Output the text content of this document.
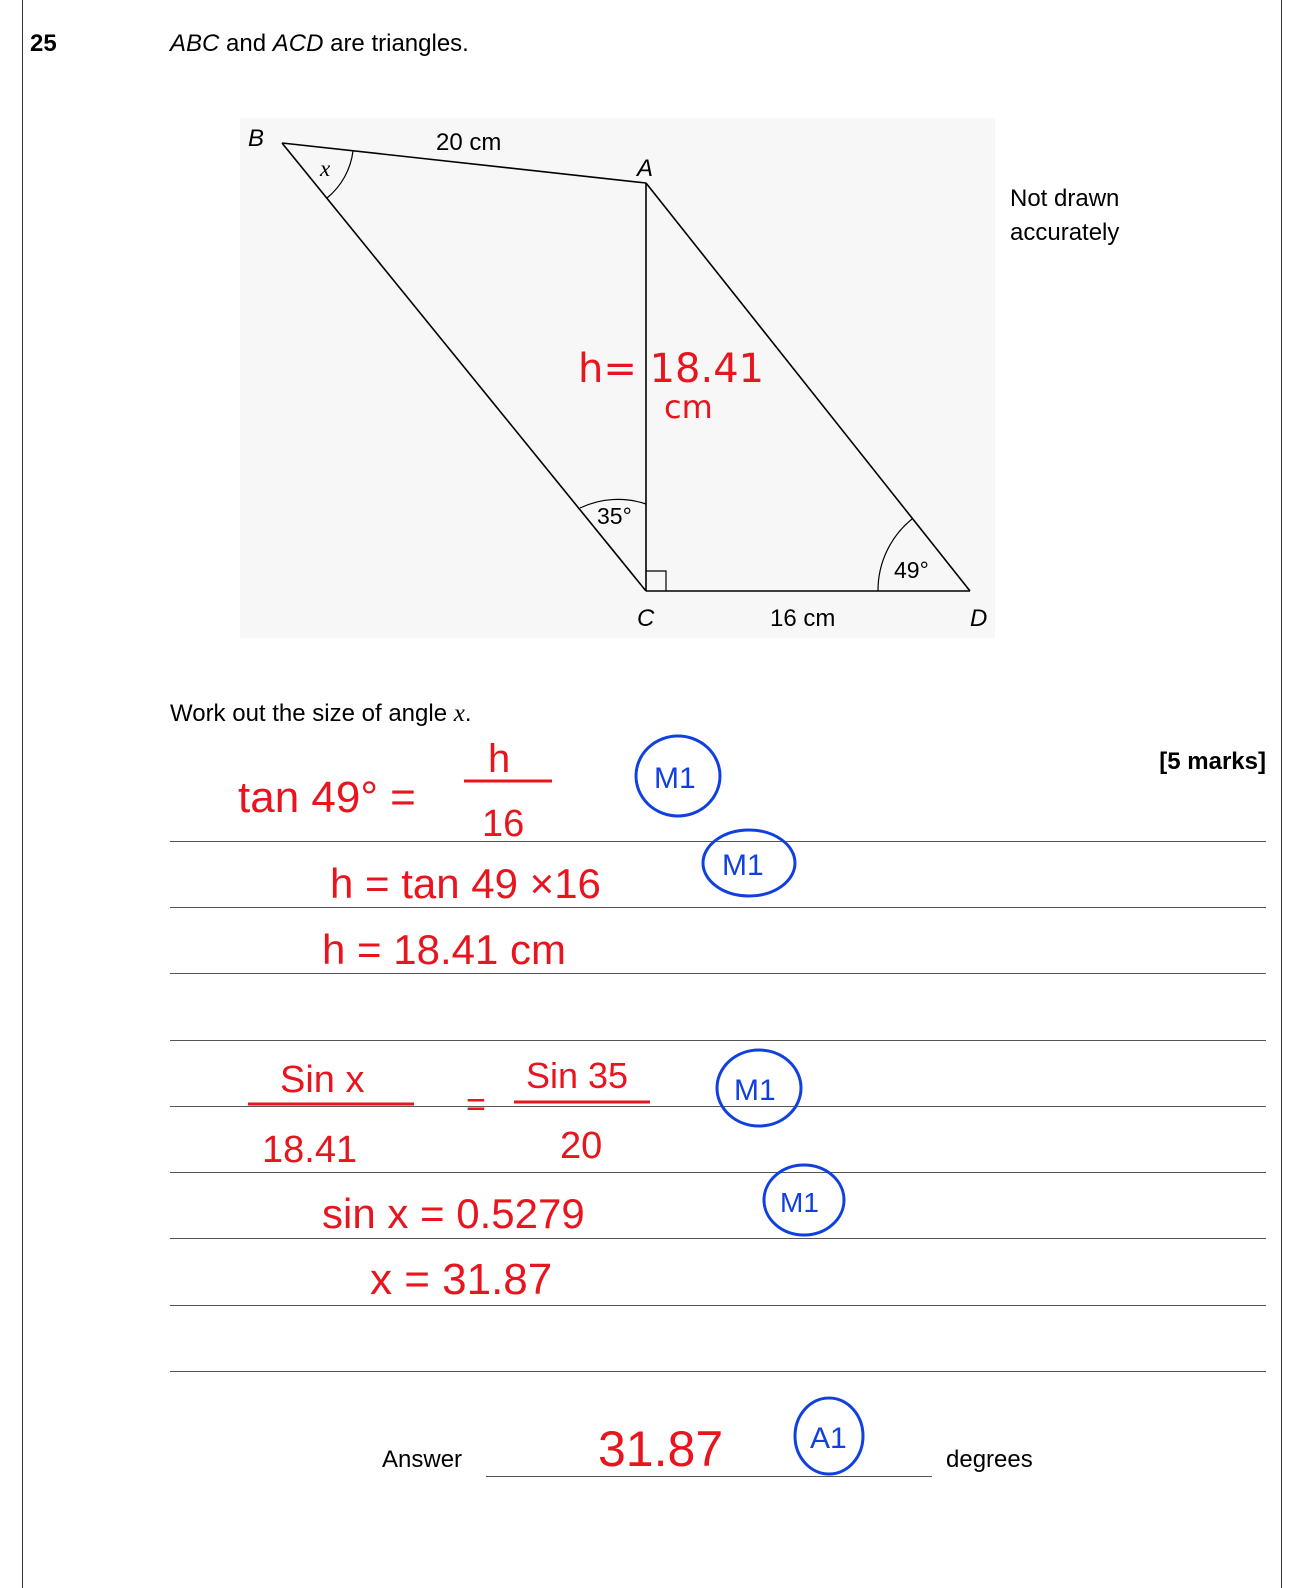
25	ABC and ACD are triangles.
B
A
C	D
20 cm
16 cm
x
35°
49°
Not drawn
accurately
h= 18.41
cm
Work out the size of angle x.
[5 marks]
tan 49° =
h
16
h = tan 49 ×16
h = 18.41 cm
Sin x
18.41
=
Sin 35
20
sin x = 0.5279
x = 31.87
31.87
M1
M1
M1
M1
A1
Answer	degrees
